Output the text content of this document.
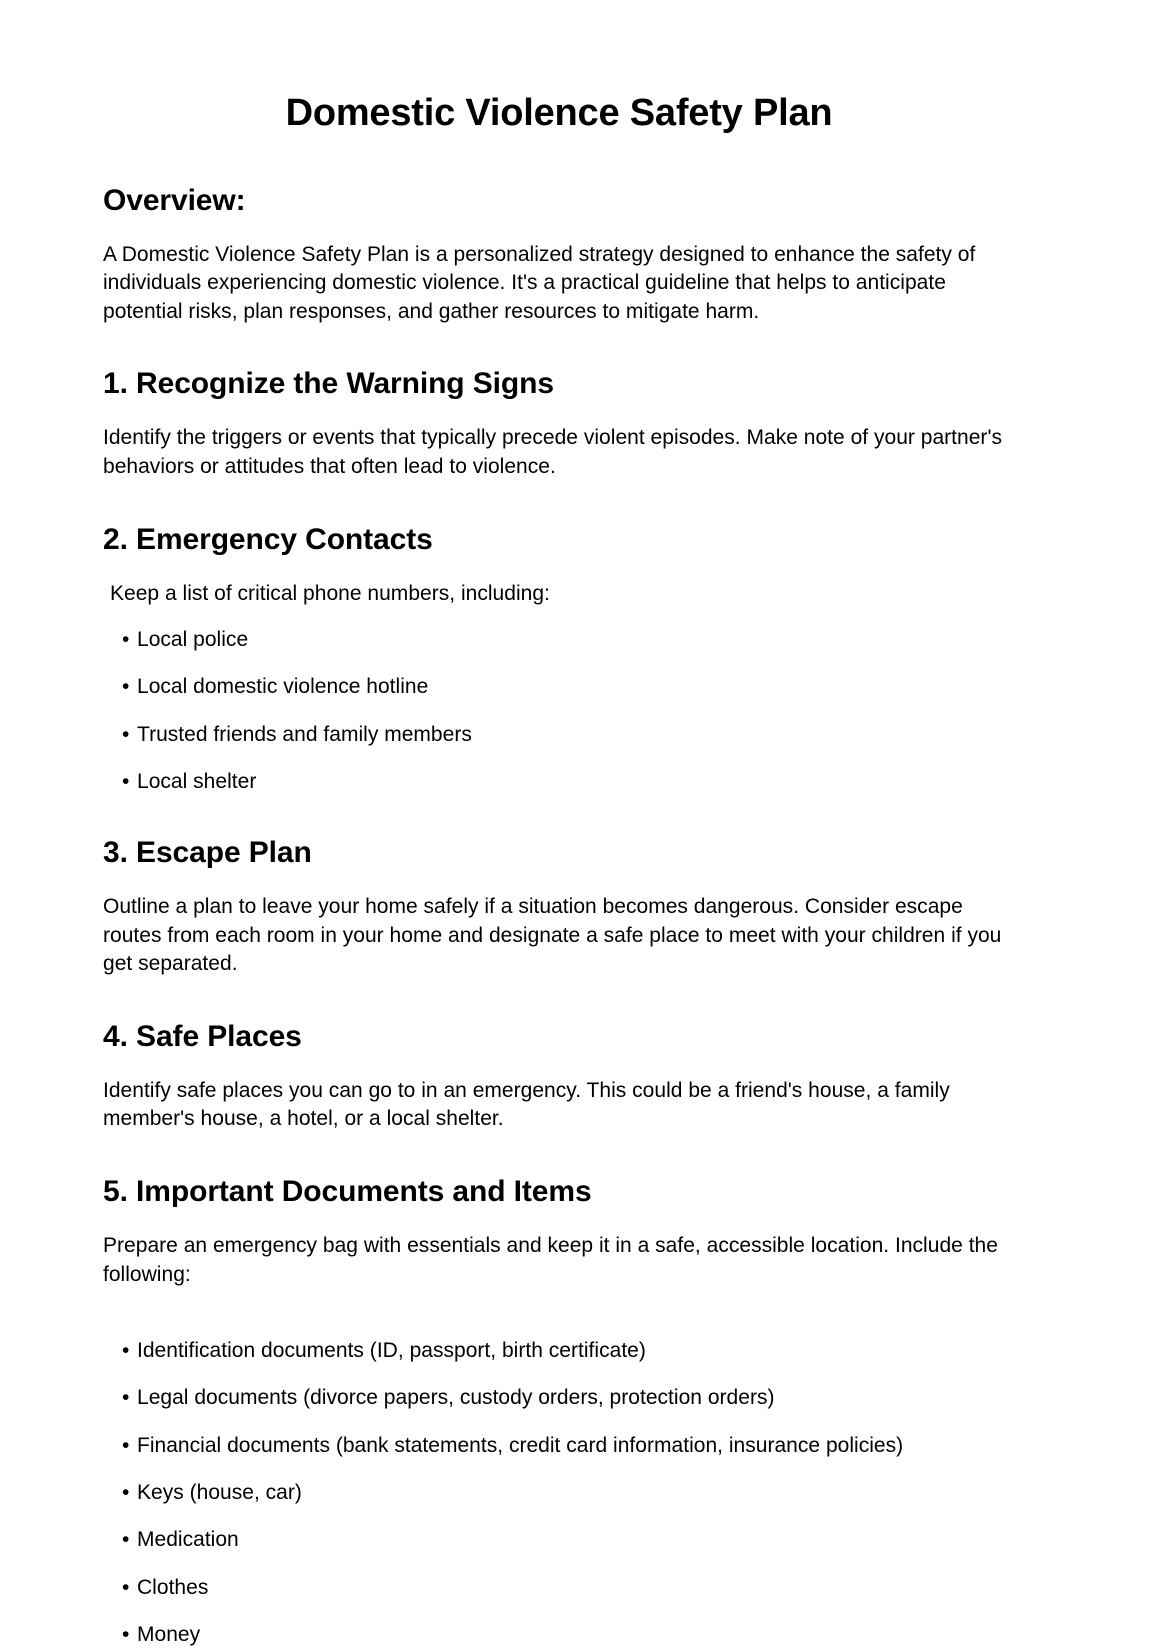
Domestic Violence Safety Plan
Overview:

A Domestic Violence Safety Plan is a personalized strategy designed to enhance the safety of individuals experiencing domestic violence. It's a practical guideline that helps to anticipate potential risks, plan responses, and gather resources to mitigate harm.

1. Recognize the Warning Signs

Identify the triggers or events that typically precede violent episodes. Make note of your partner's behaviors or attitudes that often lead to violence.

2. Emergency Contacts

Keep a list of critical phone numbers, including:

• Local police
• Local domestic violence hotline
• Trusted friends and family members
• Local shelter
3. Escape Plan

Outline a plan to leave your home safely if a situation becomes dangerous. Consider escape routes from each room in your home and designate a safe place to meet with your children if you get separated.

4. Safe Places

Identify safe places you can go to in an emergency. This could be a friend's house, a family member's house, a hotel, or a local shelter.

5. Important Documents and Items

Prepare an emergency bag with essentials and keep it in a safe, accessible location. Include the following:

• Identification documents (ID, passport, birth certificate)
• Legal documents (divorce papers, custody orders, protection orders)
• Financial documents (bank statements, credit card information, insurance policies)
• Keys (house, car)
• Medication
• Clothes
• Money
